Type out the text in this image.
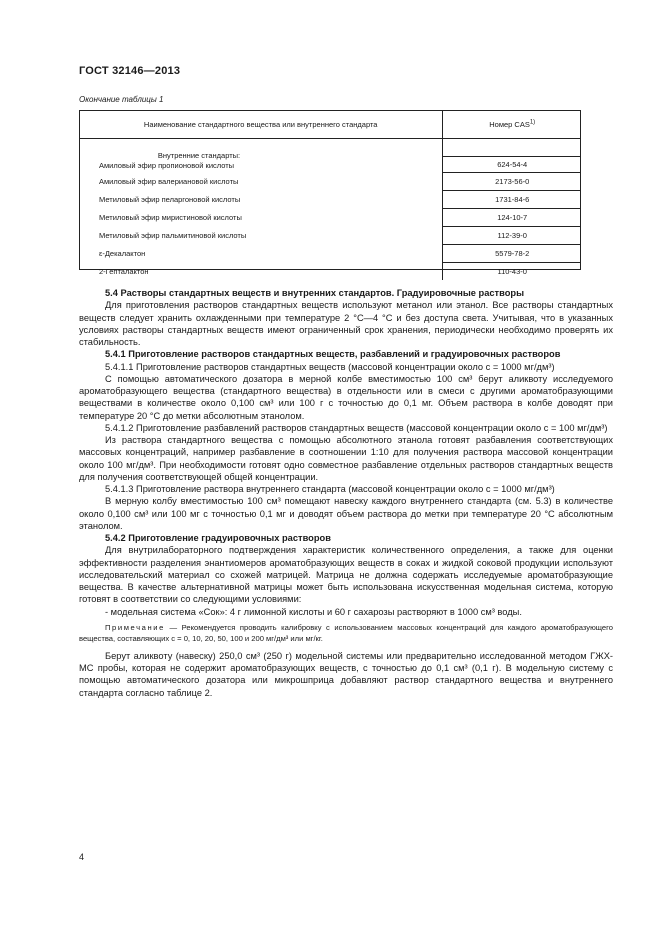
ГОСТ 32146—2013
Окончание таблицы 1
Наименование стандартного вещества или внутреннего стандарта	Номер CAS$^{1)}$

Внутренние стандарты:
Амиловый эфир пропионовой кислоты	624-54-4

Амиловый эфир валериановой кислоты	2173-56-0
Метиловый эфир пеларгоновой кислоты	1731-84-6
Метиловый эфир миристиновой кислоты	124-10-7
Метиловый эфир пальмитиновой кислоты	112-39-0
ε-Декалактон	5579-78-2
2-Гепталактон	110-43-0

5.4 Растворы стандартных веществ и внутренних стандартов. Градуировочные растворы

Для приготовления растворов стандартных веществ используют метанол или этанол. Все растворы стандартных веществ следует хранить охлажденными при температуре 2 °С—4 °С и без доступа света. Учитывая, что в указанных условиях растворы стандартных веществ имеют ограниченный срок хранения, периодически необходимо проверять их стабильность.

5.4.1 Приготовление растворов стандартных веществ, разбавлений и градуировочных растворов

5.4.1.1 Приготовление растворов стандартных веществ (массовой концентрации около с = 1000 мг/дм³)

С помощью автоматического дозатора в мерной колбе вместимостью 100 см³ берут аликвоту исследуемого ароматобразующего вещества (стандартного вещества) в отдельности или в смеси с другими ароматобразующими веществами в количестве около 0,100 см³ или 100 г с точностью до 0,1 мг. Объем раствора в колбе доводят при температуре 20 °С до метки абсолютным этанолом.

5.4.1.2 Приготовление разбавлений растворов стандартных веществ (массовой концентрации около с = 100 мг/дм³)

Из раствора стандартного вещества с помощью абсолютного этанола готовят разбавления соответствующих массовых концентраций, например разбавление в соотношении 1:10 для получения раствора массовой концентрации около 100 мг/дм³. При необходимости готовят одно совместное разбавление отдельных растворов стандартных веществ для получения соответствующей общей концентрации.

5.4.1.3 Приготовление раствора внутреннего стандарта (массовой концентрации около с = 1000 мг/дм³)

В мерную колбу вместимостью 100 см³ помещают навеску каждого внутреннего стандарта (см. 5.3) в количестве около 0,100 см³ или 100 мг с точностью 0,1 мг и доводят объем раствора до метки при температуре 20 °С абсолютным этанолом.

5.4.2 Приготовление градуировочных растворов

Для внутрилабораторного подтверждения характеристик количественного определения, а также для оценки эффективности разделения энантиомеров ароматобразующих веществ в соках и жидкой соковой продукции используют исследовательский материал со схожей матрицей. Матрица не должна содержать исследуемые ароматобразующие вещества. В качестве альтернативной матрицы может быть использована искусственная модельная система, которую готовят в соответствии со следующими условиями:

- модельная система «Сок»: 4 г лимонной кислоты и 60 г сахарозы растворяют в 1000 см³ воды.

Примечание — Рекомендуется проводить калибровку с использованием массовых концентраций для каждого ароматобразующего вещества, составляющих с = 0, 10, 20, 50, 100 и 200 мг/дм³ или мг/кг.

Берут аликвоту (навеску) 250,0 см³ (250 г) модельной системы или предварительно исследованной методом ГЖХ-МС пробы, которая не содержит ароматобразующих веществ, с точностью до 0,1 см³ (0,1 г). В модельную систему с помощью автоматического дозатора или микрошприца добавляют раствор стандартного вещества и внутреннего стандарта согласно таблице 2.

4
